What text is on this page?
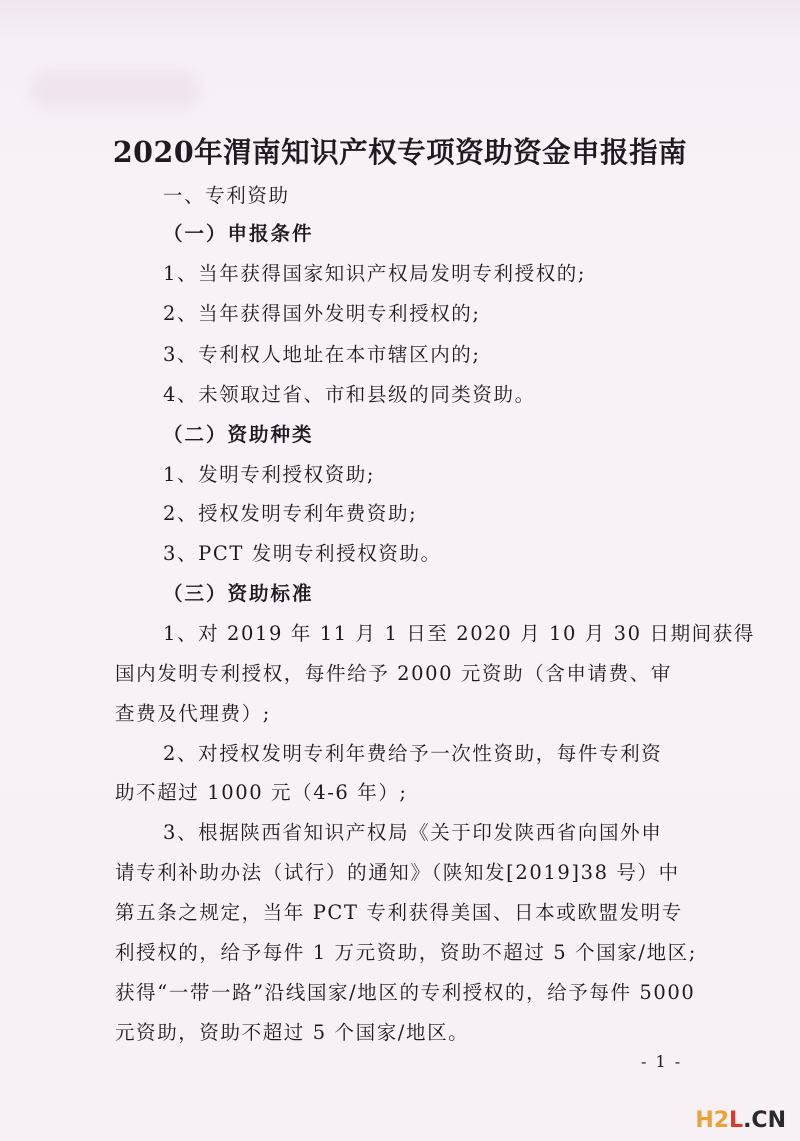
2020年渭南知识产权专项资助资金申报指南
一、专利资助
（一）申报条件
1、当年获得国家知识产权局发明专利授权的;
2、当年获得国外发明专利授权的;
3、专利权人地址在本市辖区内的;
4、未领取过省、市和县级的同类资助。
（二）资助种类
1、发明专利授权资助;
2、授权发明专利年费资助;
3、PCT 发明专利授权资助。
（三）资助标准
1、对 2019 年 11 月 1 日至 2020 月 10 月 30 日期间获得
国内发明专利授权，每件给予 2000 元资助（含申请费、审
查费及代理费）;
2、对授权发明专利年费给予一次性资助，每件专利资
助不超过 1000 元（4-6 年）;
3、根据陕西省知识产权局《关于印发陕西省向国外申
请专利补助办法（试行）的通知》（陕知发[2019]38 号）中
第五条之规定，当年 PCT 专利获得美国、日本或欧盟发明专
利授权的，给予每件 1 万元资助，资助不超过 5 个国家/地区;
获得“一带一路”沿线国家/地区的专利授权的，给予每件 5000
元资助，资助不超过 5 个国家/地区。
- 1 -
H2L.CN
